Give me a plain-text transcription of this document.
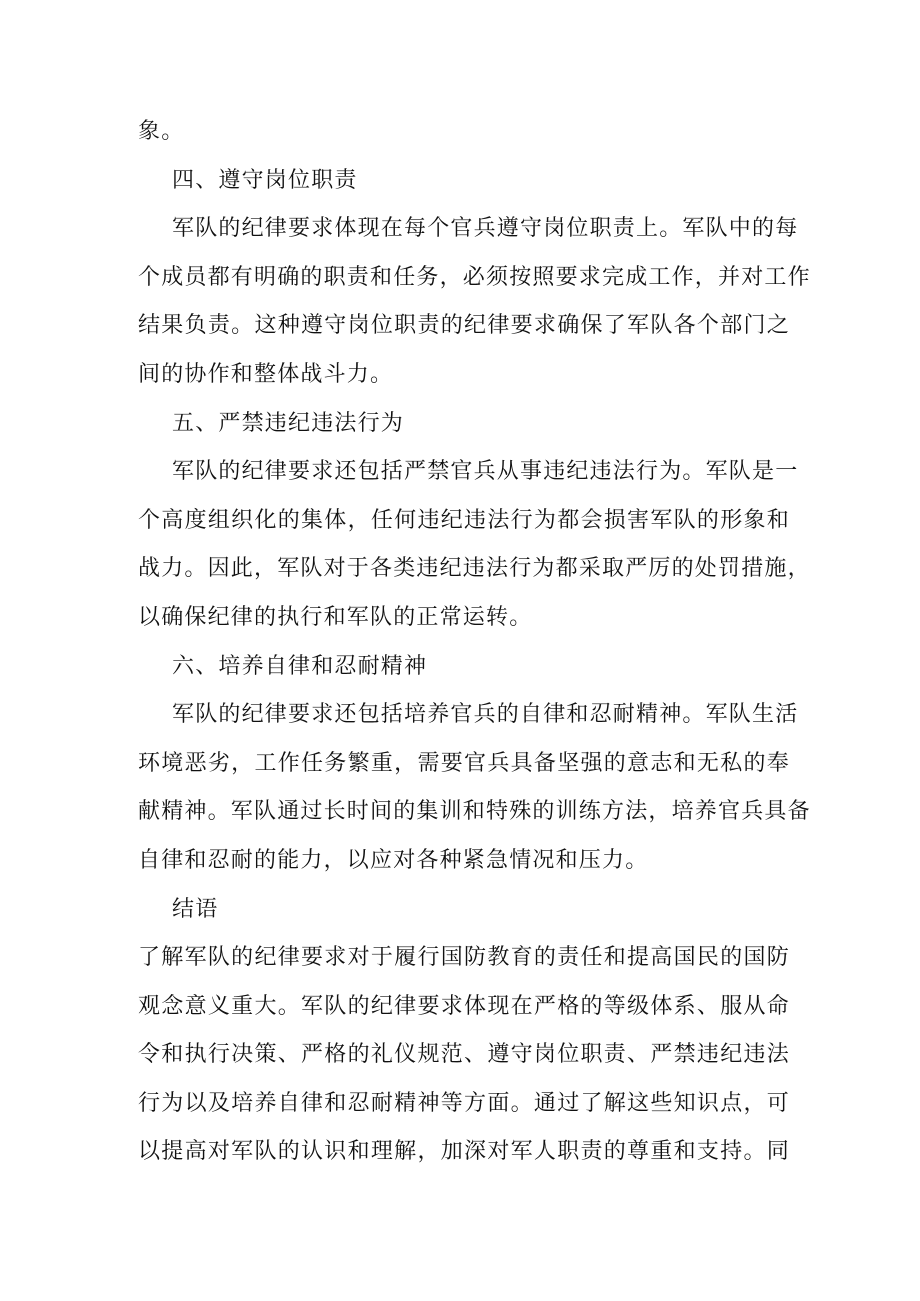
象。
四、遵守岗位职责
军队的纪律要求体现在每个官兵遵守岗位职责上。军队中的每
个成员都有明确的职责和任务，必须按照要求完成工作，并对工作
结果负责。这种遵守岗位职责的纪律要求确保了军队各个部门之
间的协作和整体战斗力。
五、严禁违纪违法行为
军队的纪律要求还包括严禁官兵从事违纪违法行为。军队是一
个高度组织化的集体，任何违纪违法行为都会损害军队的形象和
战力。因此，军队对于各类违纪违法行为都采取严厉的处罚措施，
以确保纪律的执行和军队的正常运转。
六、培养自律和忍耐精神
军队的纪律要求还包括培养官兵的自律和忍耐精神。军队生活
环境恶劣，工作任务繁重，需要官兵具备坚强的意志和无私的奉
献精神。军队通过长时间的集训和特殊的训练方法，培养官兵具备
自律和忍耐的能力，以应对各种紧急情况和压力。
结语
了解军队的纪律要求对于履行国防教育的责任和提高国民的国防
观念意义重大。军队的纪律要求体现在严格的等级体系、服从命
令和执行决策、严格的礼仪规范、遵守岗位职责、严禁违纪违法
行为以及培养自律和忍耐精神等方面。通过了解这些知识点，可
以提高对军队的认识和理解，加深对军人职责的尊重和支持。同
